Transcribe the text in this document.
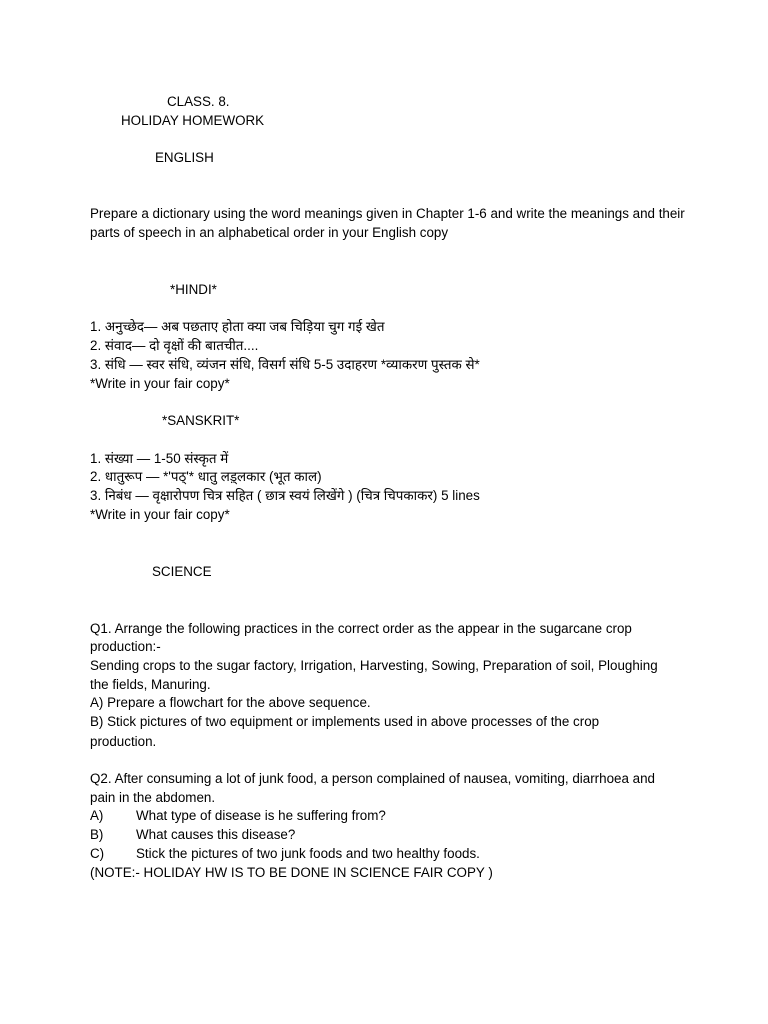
CLASS. 8.
HOLIDAY HOMEWORK
ENGLISH
Prepare a dictionary using the word meanings given in Chapter 1-6 and write the meanings and their parts of speech in an alphabetical order in your English copy
*HINDI*
1. अनुच्छेद— अब पछताए होता क्या जब चिड़िया चुग गई खेत
2. संवाद— दो वृक्षों की बातचीत....
3. संधि — स्वर संधि, व्यंजन संधि, विसर्ग संधि 5-5 उदाहरण *व्याकरण पुस्तक से*
*Write in your fair copy*
*SANSKRIT*
1. संख्या — 1-50 संस्कृत में
2. धातुरूप — *'पठ्'* धातु लड़्लकार (भूत काल)
3. निबंध — वृक्षारोपण चित्र सहित ( छात्र स्वयं लिखेंगे ) (चित्र चिपकाकर) 5 lines
*Write in your fair copy*
SCIENCE
Q1. Arrange the following practices in the correct order as the appear in the sugarcane crop
production:-
Sending crops to the sugar factory, Irrigation, Harvesting, Sowing, Preparation of soil, Ploughing
the fields, Manuring.
A) Prepare a flowchart for the above sequence.
B) Stick pictures of two equipment or implements used in above processes of the crop
production.
Q2. After consuming a lot of junk food, a person complained of nausea, vomiting, diarrhoea and
pain in the abdomen.
A) What type of disease is he suffering from?
B) What causes this disease?
C) Stick the pictures of two junk foods and two healthy foods.
(NOTE:- HOLIDAY HW IS TO BE DONE IN SCIENCE FAIR COPY )
